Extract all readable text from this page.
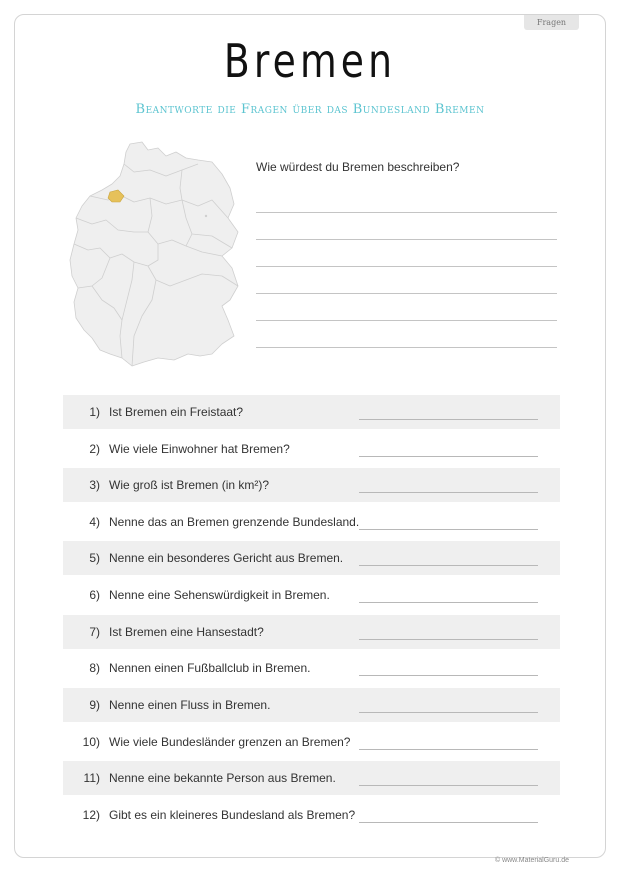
Fragen
Bremen
Beantworte die Fragen über das Bundesland Bremen
Wie würdest du Bremen beschreiben?
1) Ist Bremen ein Freistaat?
2) Wie viele Einwohner hat Bremen?
3) Wie groß ist Bremen (in km²)?
4) Nenne das an Bremen grenzende Bundesland.
5) Nenne ein besonderes Gericht aus Bremen.
6) Nenne eine Sehenswürdigkeit in Bremen.
7) Ist Bremen eine Hansestadt?
8) Nennen einen Fußballclub in Bremen.
9) Nenne einen Fluss in Bremen.
10) Wie viele Bundesländer grenzen an Bremen?
11) Nenne eine bekannte Person aus Bremen.
12) Gibt es ein kleineres Bundesland als Bremen?
© www.MaterialGuru.de
